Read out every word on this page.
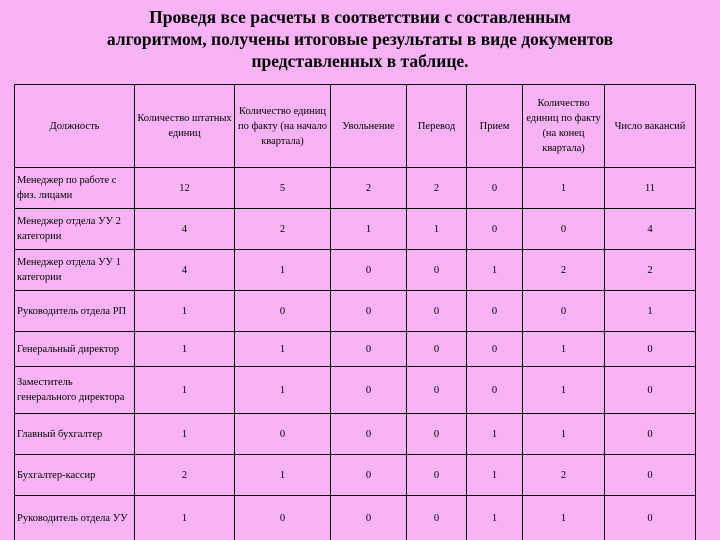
Проведя все расчеты в соответствии с составленным
алгоритмом, получены итоговые результаты в виде документов
представленных в таблице.
Должность	Количество штатных единиц	Количество единиц по факту (на начало квартала)	Увольнение	Перевод	Прием	Количество единиц по факту (на конец квартала)	Число вакансий
Менеджер по работе с физ. лицами	12	5	2	2	0	1	11
Менеджер отдела УУ 2 категории	4	2	1	1	0	0	4
Менеджер отдела УУ 1 категории	4	1	0	0	1	2	2
Руководитель отдела РП	1	0	0	0	0	0	1
Генеральный директор	1	1	0	0	0	1	0
Заместитель генерального директора	1	1	0	0	0	1	0
Главный бухгалтер	1	0	0	0	1	1	0
Бухгалтер-кассир	2	1	0	0	1	2	0
Руководитель отдела УУ	1	0	0	0	1	1	0
